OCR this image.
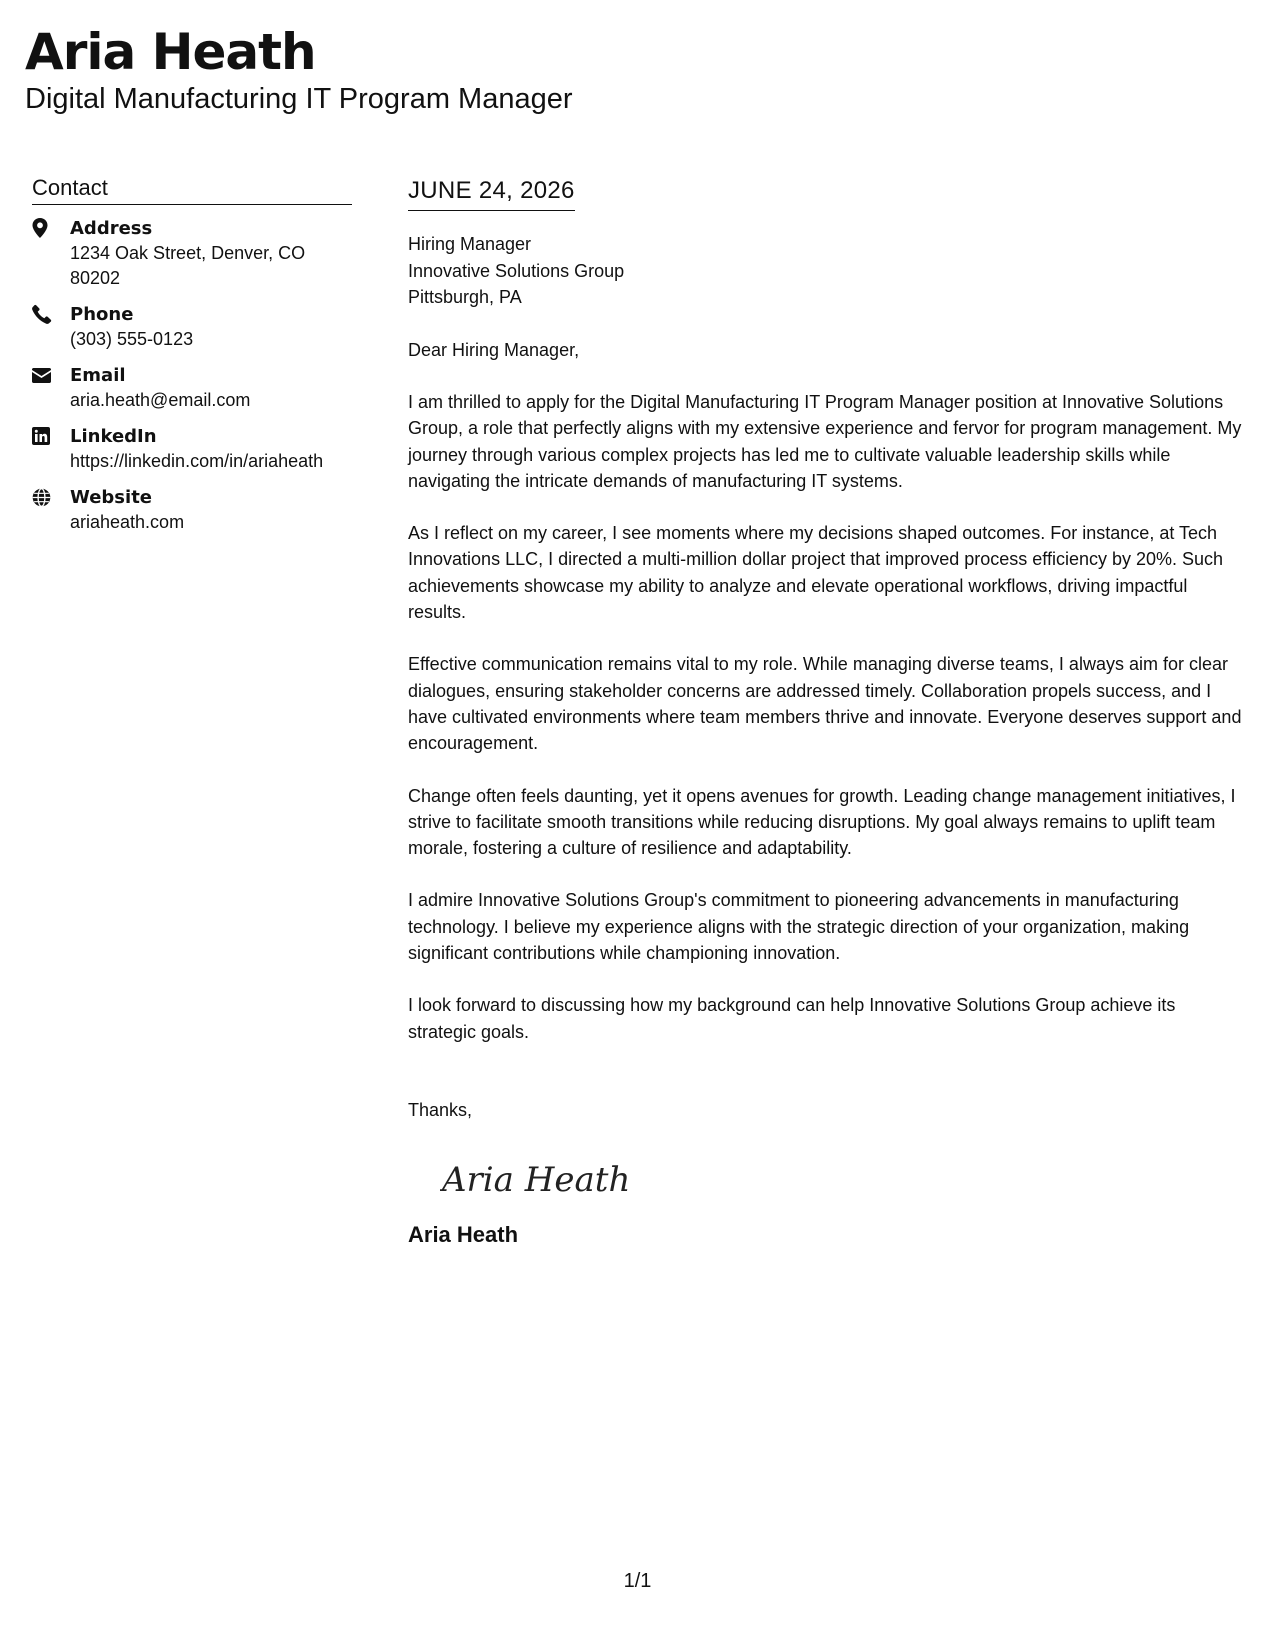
Aria Heath
Digital Manufacturing IT Program Manager
Contact
Address
1234 Oak Street, Denver, CO 80202
Phone
(303) 555-0123
Email
aria.heath@email.com
LinkedIn
https://linkedin.com/in/ariaheath
Website
ariaheath.com
JUNE 24, 2026
Hiring Manager
Innovative Solutions Group
Pittsburgh, PA
Dear Hiring Manager,
I am thrilled to apply for the Digital Manufacturing IT Program Manager position at Innovative Solutions Group, a role that perfectly aligns with my extensive experience and fervor for program management. My journey through various complex projects has led me to cultivate valuable leadership skills while navigating the intricate demands of manufacturing IT systems.
As I reflect on my career, I see moments where my decisions shaped outcomes. For instance, at Tech Innovations LLC, I directed a multi-million dollar project that improved process efficiency by 20%. Such achievements showcase my ability to analyze and elevate operational workflows, driving impactful results.
Effective communication remains vital to my role. While managing diverse teams, I always aim for clear dialogues, ensuring stakeholder concerns are addressed timely. Collaboration propels success, and I have cultivated environments where team members thrive and innovate. Everyone deserves support and encouragement.
Change often feels daunting, yet it opens avenues for growth. Leading change management initiatives, I strive to facilitate smooth transitions while reducing disruptions. My goal always remains to uplift team morale, fostering a culture of resilience and adaptability.
I admire Innovative Solutions Group's commitment to pioneering advancements in manufacturing technology. I believe my experience aligns with the strategic direction of your organization, making significant contributions while championing innovation.
I look forward to discussing how my background can help Innovative Solutions Group achieve its strategic goals.
Thanks,
Aria Heath
Aria Heath
1/1
